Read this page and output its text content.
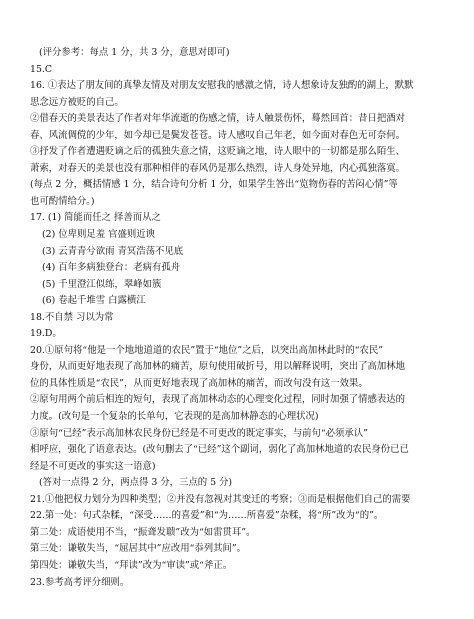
(评分参考：每点 1 分，共 3 分，意思对即可)
15.C
16. ①表达了朋友间的真挚友情及对朋友安慰我的感激之情，诗人想象诗友独酌的湖上，默默
思念远方被贬的自己。
②借春天的美景表达了作者对年华流逝的伤感之情，诗人触景伤怀，蓦然回首：昔日把酒对
春、风流倜傥的少年，如今却已是鬓发苍苍。诗人感叹自己年老，如今面对春色无可奈何。
③抒发了作者遭遇贬谪之后的孤独失意之情，这贬谪之地，诗人眼中的一切都是那么陌生、
萧索，对春天的美景也没有那种相伴的春风仍是那么热烈，诗人身处异地，内心孤独落寞。
(每点 2 分，概括情感 1 分，结合诗句分析 1 分，如果学生答出“览物伤春的苦闷心情”等
也可酌情给分。)
17. (1) 简能而任之 择善而从之
(2) 位卑则足羞 官盛则近谀
(3) 云青青兮欲雨 青冥浩荡不见底
(4) 百年多病独登台：老病有孤舟
(5) 千里澄江似练，翠峰如簇
(6) 卷起千堆雪 白露横江
18.不自禁 习以为常
19.D。
20.①原句将“他是一个地地道道的农民”置于“地位”之后，以突出高加林此时的“农民”
身份，从而更好地表现了高加林的痛苦，原句使用破折号，用以解释说明，突出了高加林地
位的具体性质是“农民”，从而更好地表现了高加林的痛苦，而改句没有这一效果。
②原句用两个前后相连的短句，表现了高加林动态的心理变化过程，同时加强了情感表达的
力度。(改句是一个复杂的长单句，它表现的是高加林静态的心理状况)
③原句“已经”表示高加林农民身份已经是不可更改的既定事实，与前句“必须承认”
相呼应，强化了语意表达。(改句删去了“已经”这个副词，弱化了高加林地道的农民身份已已
经是不可更改的事实这一语意)
(答对一点得 2 分，两点得 3 分，三点的 5 分)
21.①他把权力划分为四种类型；②并没有忽视对其变迁的考察；③而是根据他们自己的需要
22.第一处：句式杂糅，“深受……的喜爱”和“为……所喜爱”杂糅，将“所”改为“的”。
第二处：成语使用不当，“振聋发聩”改为“如雷贯耳”。
第三处：谦敬失当，“屈居其中”应改用“忝列其间”。
第四处：谦敬失当，“拜读”改为“审读”或“斧正。
23.参考高考评分细则。
